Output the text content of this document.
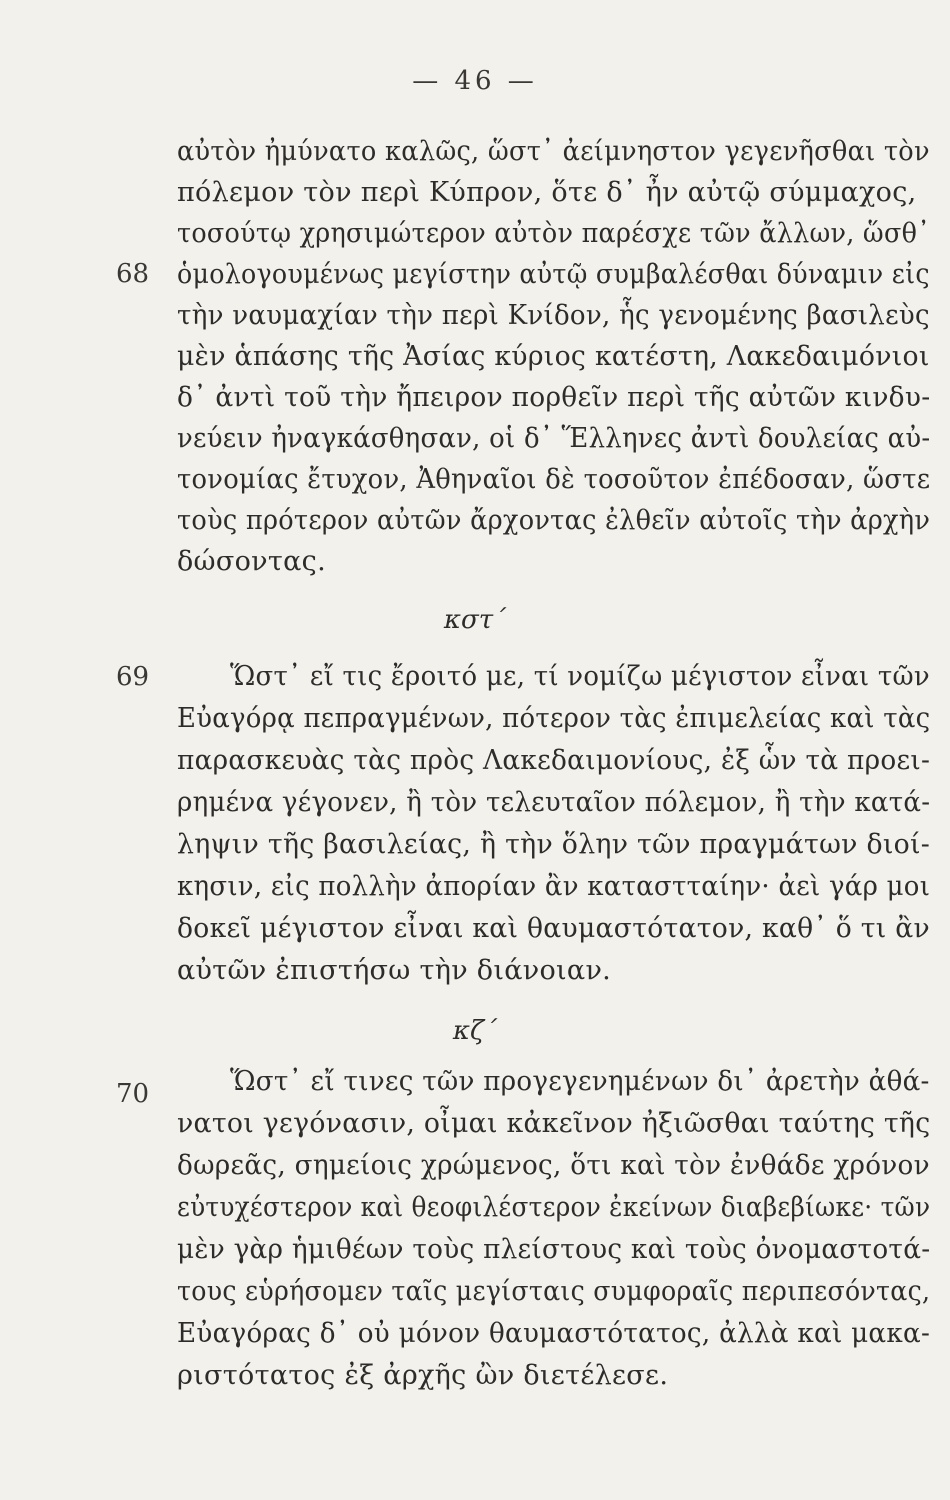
— 46 —
68
αὐτὸν ἠμύνατο καλῶς, ὥστ᾽ ἀείμνηστον γεγενῆσθαι τὸν
πόλεμον τὸν περὶ Κύπρον, ὅτε δ᾽ ἦν αὐτῷ σύμμαχος,
τοσούτῳ χρησιμώτερον αὐτὸν παρέσχε τῶν ἄλλων, ὥσθ᾽
ὁμολογουμένως μεγίστην αὐτῷ συμβαλέσθαι δύναμιν εἰς
τὴν ναυμαχίαν τὴν περὶ Κνίδον, ἧς γενομένης βασιλεὺς
μὲν ἁπάσης τῆς Ἀσίας κύριος κατέστη, Λακεδαιμόνιοι
δ᾽ ἀντὶ τοῦ τὴν ἤπειρον πορθεῖν περὶ τῆς αὐτῶν κινδυ-
νεύειν ἠναγκάσθησαν, οἱ δ᾽ Ἕλληνες ἀντὶ δουλείας αὐ-
τονομίας ἔτυχον, Ἀθηναῖοι δὲ τοσοῦτον ἐπέδοσαν, ὥστε
τοὺς πρότερον αὐτῶν ἄρχοντας ἐλθεῖν αὐτοῖς τὴν ἀρχὴν
δώσοντας.
κστ´
69	Ὥστ᾽ εἴ τις ἔροιτό με, τί νομίζω μέγιστον εἶναι τῶν
Εὐαγόρᾳ πεπραγμένων, πότερον τὰς ἐπιμελείας καὶ τὰς
παρασκευὰς τὰς πρὸς Λακεδαιμονίους, ἐξ ὧν τὰ προει-
ρημένα γέγονεν, ἢ τὸν τελευταῖον πόλεμον, ἢ τὴν κατά-
ληψιν τῆς βασιλείας, ἢ τὴν ὅλην τῶν πραγμάτων διοί-
κησιν, εἰς πολλὴν ἀπορίαν ἂν καταστταίην· ἀεὶ γάρ μοι
δοκεῖ μέγιστον εἶναι καὶ θαυμαστότατον, καθ᾽ ὅ τι ἂν
αὐτῶν ἐπιστήσω τὴν διάνοιαν.
κζ´
70	Ὥστ᾽ εἴ τινες τῶν προγεγενημένων δι᾽ ἀρετὴν ἀθά-
νατοι γεγόνασιν, οἶμαι κἀκεῖνον ἠξιῶσθαι ταύτης τῆς
δωρεᾶς, σημείοις χρώμενος, ὅτι καὶ τὸν ἐνθάδε χρόνον
εὐτυχέστερον καὶ θεοφιλέστερον ἐκείνων διαβεβίωκε· τῶν
μὲν γὰρ ἡμιθέων τοὺς πλείστους καὶ τοὺς ὀνομαστοτά-
τους εὑρήσομεν ταῖς μεγίσταις συμφοραῖς περιπεσόντας,
Εὐαγόρας δ᾽ οὐ μόνον θαυμαστότατος, ἀλλὰ καὶ μακα-
ριστότατος ἐξ ἀρχῆς ὢν διετέλεσε.
